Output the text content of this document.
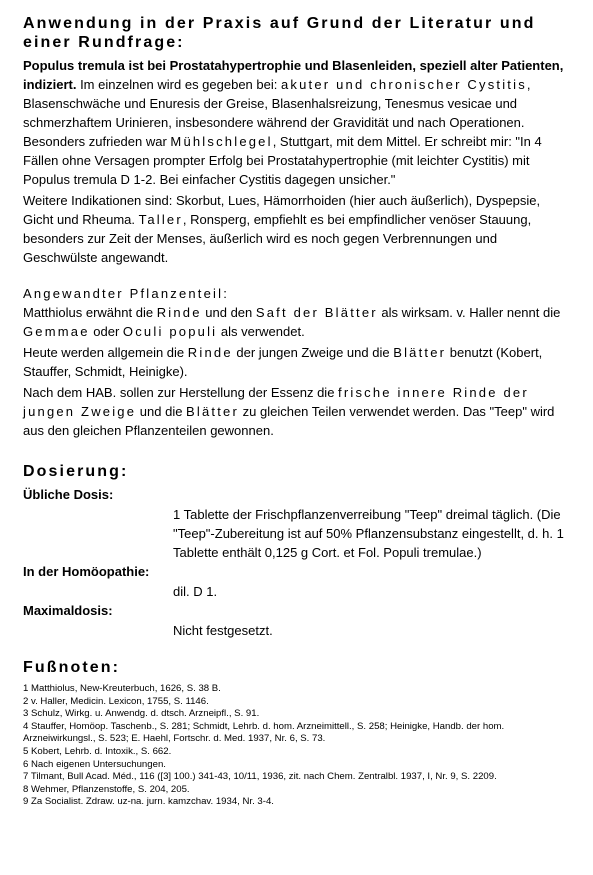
Anwendung in der Praxis auf Grund der Literatur und einer Rundfrage:

Populus tremula ist bei Prostatahypertrophie und Blasenleiden, speziell alter Patienten, indiziert. Im einzelnen wird es gegeben bei: akuter und chronischer Cystitis, Blasenschwäche und Enuresis der Greise, Blasenhalsreizung, Tenesmus vesicae und schmerzhaftem Urinieren, insbesondere während der Gravidität und nach Operationen. Besonders zufrieden war Mühlschlegel, Stuttgart, mit dem Mittel. Er schreibt mir: "In 4 Fällen ohne Versagen prompter Erfolg bei Prostatahypertrophie (mit leichter Cystitis) mit Populus tremula D 1-2. Bei einfacher Cystitis dagegen unsicher."

Weitere Indikationen sind: Skorbut, Lues, Hämorrhoiden (hier auch äußerlich), Dyspepsie, Gicht und Rheuma. Taller, Ronsperg, empfiehlt es bei empfindlicher venöser Stauung, besonders zur Zeit der Menses, äußerlich wird es noch gegen Verbrennungen und Geschwülste angewandt.

Angewandter Pflanzenteil:

Matthiolus erwähnt die Rinde und den Saft der Blätter als wirksam. v. Haller nennt die Gemmae oder Oculi populi als verwendet.

Heute werden allgemein die Rinde der jungen Zweige und die Blätter benutzt (Kobert, Stauffer, Schmidt, Heinigke).

Nach dem HAB. sollen zur Herstellung der Essenz die frische innere Rinde der jungen Zweige und die Blätter zu gleichen Teilen verwendet werden. Das "Teep" wird aus den gleichen Pflanzenteilen gewonnen.

Dosierung:
Übliche Dosis:
1 Tablette der Frischpflanzenverreibung "Teep" dreimal täglich. (Die "Teep"-Zubereitung ist auf 50% Pflanzensubstanz eingestellt, d. h. 1 Tablette enthält 0,125 g Cort. et Fol. Populi tremulae.)
In der Homöopathie:
dil. D 1.
Maximaldosis:
Nicht festgesetzt.
Fußnoten:

1 Matthiolus, New-Kreuterbuch, 1626, S. 38 B.

2 v. Haller, Medicin. Lexicon, 1755, S. 1146.

3 Schulz, Wirkg. u. Anwendg. d. dtsch. Arzneipfl., S. 91.

4 Stauffer, Homöop. Taschenb., S. 281; Schmidt, Lehrb. d. hom. Arzneimittell., S. 258; Heinigke, Handb. der hom. Arzneiwirkungsl., S. 523; E. Haehl, Fortschr. d. Med. 1937, Nr. 6, S. 73.

5 Kobert, Lehrb. d. Intoxik., S. 662.

6 Nach eigenen Untersuchungen.

7 Tilmant, Bull Acad. Méd., 116 ([3] 100.) 341-43, 10/11, 1936, zit. nach Chem. Zentralbl. 1937, I, Nr. 9, S. 2209.

8 Wehmer, Pflanzenstoffe, S. 204, 205.

9 Za Socialist. Zdraw. uz-na. jurn. kamzchav. 1934, Nr. 3-4.
